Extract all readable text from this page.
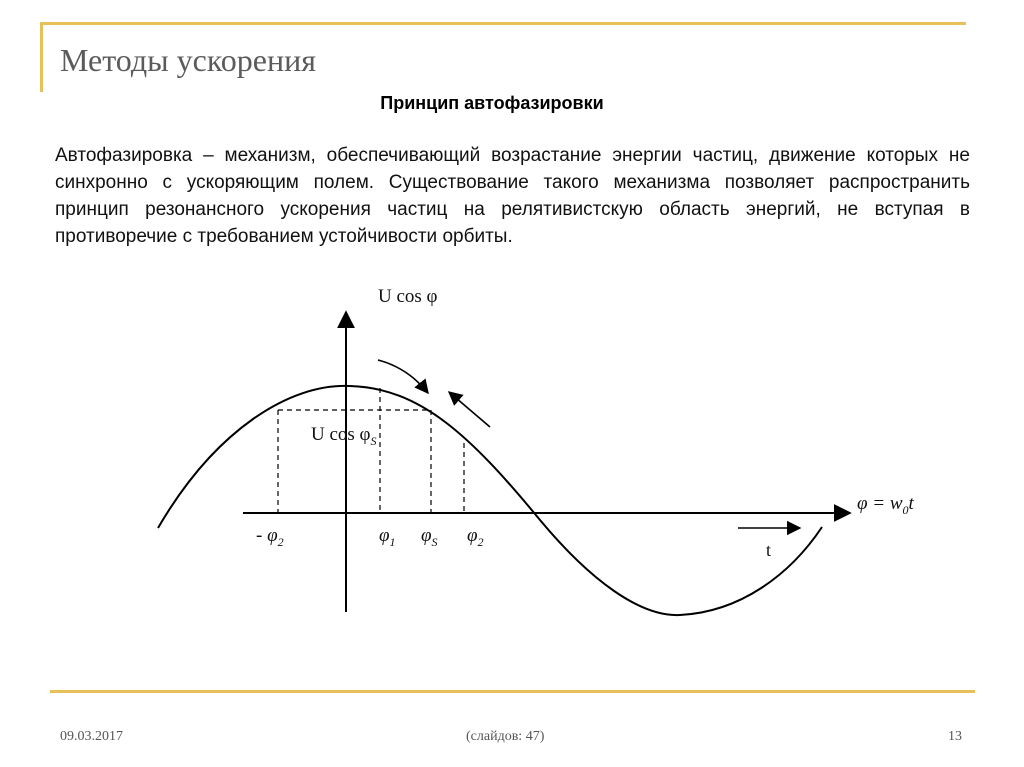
Методы ускорения
Принцип автофазировки

Автофазировка – механизм, обеспечивающий возрастание энергии частиц, движение которых не синхронно с ускоряющим полем. Существование такого механизма позволяет распространить принцип резонансного ускорения частиц на релятивистскую область энергий, не вступая в противоречие с требованием устойчивости орбиты.

U cos φ
U $\cos \varphi_S$
$\varphi = w_0t$
t
- $\varphi_2$	$\varphi_1$ $\varphi_S$ $\varphi_2$
09.03.2017	(слайдов: 47)	13
